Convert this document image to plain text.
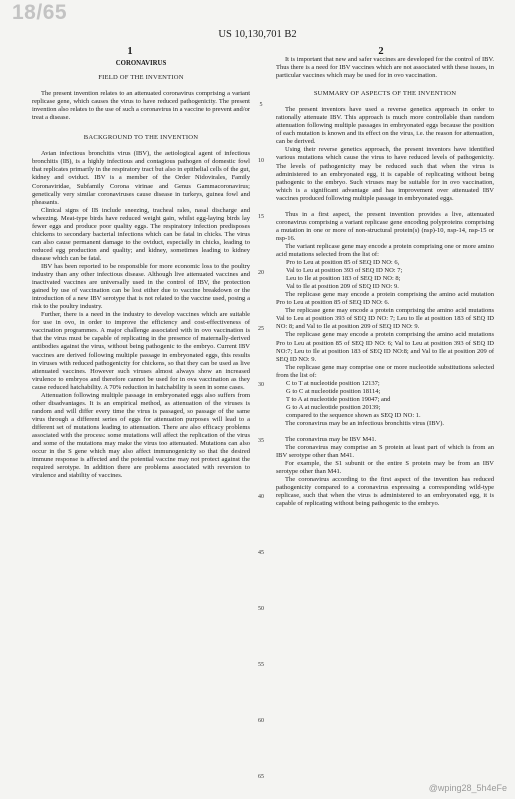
18/65
US 10,130,701 B2
1	2
CORONAVIRUS
FIELD OF THE INVENTION

The present invention relates to an attenuated coronavirus comprising a variant replicase gene, which causes the virus to have reduced pathogenicity. The present invention also relates to the use of such a coronavirus in a vaccine to prevent and/or treat a disease.

BACKGROUND TO THE INVENTION

Avian infectious bronchitis virus (IBV), the aetiological agent of infectious bronchitis (IB), is a highly infectious and contagious pathogen of domestic fowl that replicates primarily in the respiratory tract but also in epithelial cells of the gut, kidney and oviduct. IBV is a member of the Order Nidovirales, Family Coronaviridae, Subfamily Corona virinae and Genus Gammacoronavirus; genetically very similar coronaviruses cause disease in turkeys, guinea fowl and pheasants.

Clinical signs of IB include sneezing, tracheal rales, nasal discharge and wheezing. Meat-type birds have reduced weight gain, whilst egg-laying birds lay fewer eggs and produce poor quality eggs. The respiratory infection predisposes chickens to secondary bacterial infections which can be fatal in chicks. The virus can also cause permanent damage to the oviduct, especially in chicks, leading to reduced egg production and quality; and kidney, sometimes leading to kidney disease which can be fatal.

IBV has been reported to be responsible for more economic loss to the poultry industry than any other infectious disease. Although live attenuated vaccines and inactivated vaccines are universally used in the control of IBV, the protection gained by use of vaccination can be lost either due to vaccine breakdown or the introduction of a new IBV serotype that is not related to the vaccine used, posing a risk to the poultry industry.

Further, there is a need in the industry to develop vaccines which are suitable for use in ovo, in order to improve the efficiency and cost-effectiveness of vaccination programmes. A major challenge associated with in ovo vaccination is that the virus must be capable of replicating in the presence of maternally-derived antibodies against the virus, without being pathogenic to the embryo. Current IBV vaccines are derived following multiple passage in embryonated eggs, this results in viruses with reduced pathogenicity for chickens, so that they can be used as live attenuated vaccines. However such viruses almost always show an increased virulence to embryos and therefore cannot be used for in ova vaccination as they cause reduced hatchability. A 70% reduction in hatchability is seen in some cases.

Attenuation following multiple passage in embryonated eggs also suffers from other disadvantages. It is an empirical method, as attenuation of the viruses is random and will differ every time the virus is passaged, so passage of the same virus through a different series of eggs for attenuation purposes will lead to a different set of mutations leading to attenuation. There are also efficacy problems associated with the process: some mutations will affect the replication of the virus and some of the mutations may make the virus too attenuated. Mutations can also occur in the S gene which may also affect immunogenicity so that the desired immune response is affected and the potential vaccine may not protect against the required serotype. In addition there are problems associated with reversion to virulence and stability of vaccines.

5
10
15
20
25
30
35
40
45
50
55
60
65

It is important that new and safer vaccines are developed for the control of IBV. Thus there is a need for IBV vaccines which are not associated with these issues, in particular vaccines which may be used for in ovo vaccination.

SUMMARY OF ASPECTS OF THE INVENTION

The present inventors have used a reverse genetics approach in order to rationally attenuate IBV. This approach is much more controllable than random attenuation following multiple passages in embryonated eggs because the position of each mutation is known and its effect on the virus, i.e. the reason for attenuation, can be derived.

Using their reverse genetics approach, the present inventors have identified various mutations which cause the virus to have reduced levels of pathogenicity. The levels of pathogenicity may be reduced such that when the virus is administered to an embryonated egg, it is capable of replicating without being pathogenic to the embryo. Such viruses may be suitable for in ovo vaccination, which is a significant advantage and has improvement over attenuated IBV vaccines produced following multiple passage in embryonated eggs.

Thus in a first aspect, the present invention provides a live, attenuated coronavirus comprising a variant replicase gene encoding polyproteins comprising a mutation in one or more of non-structural protein(s) (nsp)-10, nsp-14, nsp-15 or nsp-16.

The variant replicase gene may encode a protein comprising one or more amino acid mutations selected from the list of:

Pro to Leu at position 85 of SEQ ID NO: 6,

Val to Leu at position 393 of SEQ ID NO: 7;

Leu to Ile at position 183 of SEQ ID NO: 8;

Val to Ile at position 209 of SEQ ID NO: 9.

The replicase gene may encode a protein comprising the amino acid mutation Pro to Leu at position 85 of SEQ ID NO: 6.

The replicase gene may encode a protein comprising the amino acid mutations Val to Leu at position 393 of SEQ ID NO: 7; Leu to Ile at position 183 of SEQ ID NO: 8; and Val to Ile at position 209 of SEQ ID NO: 9.

The replicase gene may encode a protein comprising the amino acid mutations Pro to Leu at position 85 of SEQ ID NO: 6; Val to Leu at position 393 of SEQ ID NO:7; Leu to Ile at position 183 of SEQ ID NO:8; and Val to Ile at position 209 of SEQ ID NO: 9.

The replicase gene may comprise one or more nucleotide substitutions selected from the list of:

C to T at nucleotide position 12137;

G to C at nucleotide position 18114;

T to A at nucleotide position 19047; and

G to A at nucleotide position 20139;

compared to the sequence shown as SEQ ID NO: 1.

The coronavirus may be an infectious bronchitis virus (IBV).

The coronavirus may be IBV M41.

The coronavirus may comprise an S protein at least part of which is from an IBV serotype other than M41.

For example, the S1 subunit or the entire S protein may be from an IBV serotype other than M41.

The coronavirus according to the first aspect of the invention has reduced pathogenicity compared to a coronavirus expressing a corresponding wild-type replicase, such that when the virus is administered to an embryonated egg, it is capable of replicating without being pathogenic to the embryo.

@wping28_5h4eFe
